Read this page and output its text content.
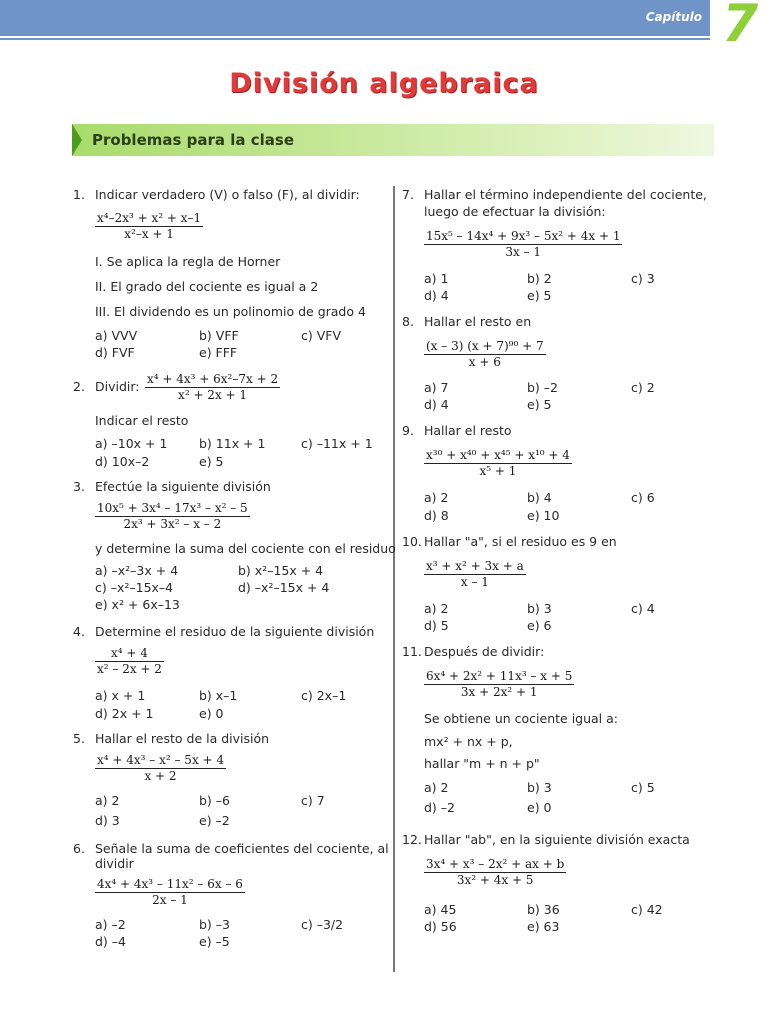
Capítulo 7
División algebraica
Problemas para la clase
1. Indicar verdadero (V) o falso (F), al dividir:
$\frac{\text{x⁴–2x³ + x² + x–1}}{\text{x²–x + 1}}$
I. Se aplica la regla de Horner
II. El grado del cociente es igual a 2
III. El dividendo es un polinomio de grado 4
a) VVV	b) VFF	c) VFV
d) FVF	e) FFF
2. Dividir: $\frac{\text{x⁴ + 4x³ + 6x²–7x + 2}}{\text{x² + 2x + 1}}$
Indicar el resto
a) –10x + 1	b) 11x + 1	c) –11x + 1
d) 10x–2	e) 5
3. Efectúe la siguiente división
$\frac{\text{10x⁵ + 3x⁴ – 17x³ – x² – 5}}{\text{2x³ + 3x² – x – 2}}$
y determine la suma del cociente con el residuo
a) –x²–3x + 4	b) x²–15x + 4
c) –x²–15x–4	d) –x²–15x + 4
e) x² + 6x–13
4. Determine el residuo de la siguiente división
$\frac{\text{x⁴ + 4}}{\text{x² – 2x + 2}}$
a) x + 1	b) x–1	c) 2x–1
d) 2x + 1	e) 0
5. Hallar el resto de la división
$\frac{\text{x⁴ + 4x³ – x² – 5x + 4}}{x + 2}$
a) 2	b) –6	c) 7
d) 3	e) –2
6. Señale la suma de coeficientes del cociente, al
dividir
$\frac{\text{4x⁴ + 4x³ – 11x² – 6x – 6}}{2x - 1}$
a) –2	b) –3	c) –3/2
d) –4	e) –5
7. Hallar el término independiente del cociente,
luego de efectuar la división:
$\frac{\text{15x⁵ – 14x⁴ + 9x³ – 5x² + 4x + 1}}{3x - 1}$
a) 1	b) 2	c) 3
d) 4	e) 5
8. Hallar el resto en
$\frac{\text{(x – 3) (x + 7)⁹⁰ + 7}}{x + 6}$
a) 7	b) –2	c) 2
d) 4	e) 5
9. Hallar el resto
$\frac{\text{x³⁰ + x⁴⁰ + x⁴⁵ + x¹⁰ + 4}}{\text{x⁵ + 1}}$
a) 2	b) 4	c) 6
d) 8	e) 10
10. Hallar "a", si el residuo es 9 en
$\frac{\text{x³ + x² + 3x + a}}{x - 1}$
a) 2	b) 3	c) 4
d) 5	e) 6
11. Después de dividir:
$\frac{\text{6x⁴ + 2x² + 11x³ – x + 5}}{\text{3x + 2x² + 1}}$
Se obtiene un cociente igual a:
mx² + nx + p,
hallar "m + n + p"
a) 2	b) 3	c) 5
d) –2	e) 0
12. Hallar "ab", en la siguiente división exacta
$\frac{\text{3x⁴ + x³ – 2x² + ax + b}}{\text{3x² + 4x + 5}}$
a) 45	b) 36	c) 42
d) 56	e) 63
